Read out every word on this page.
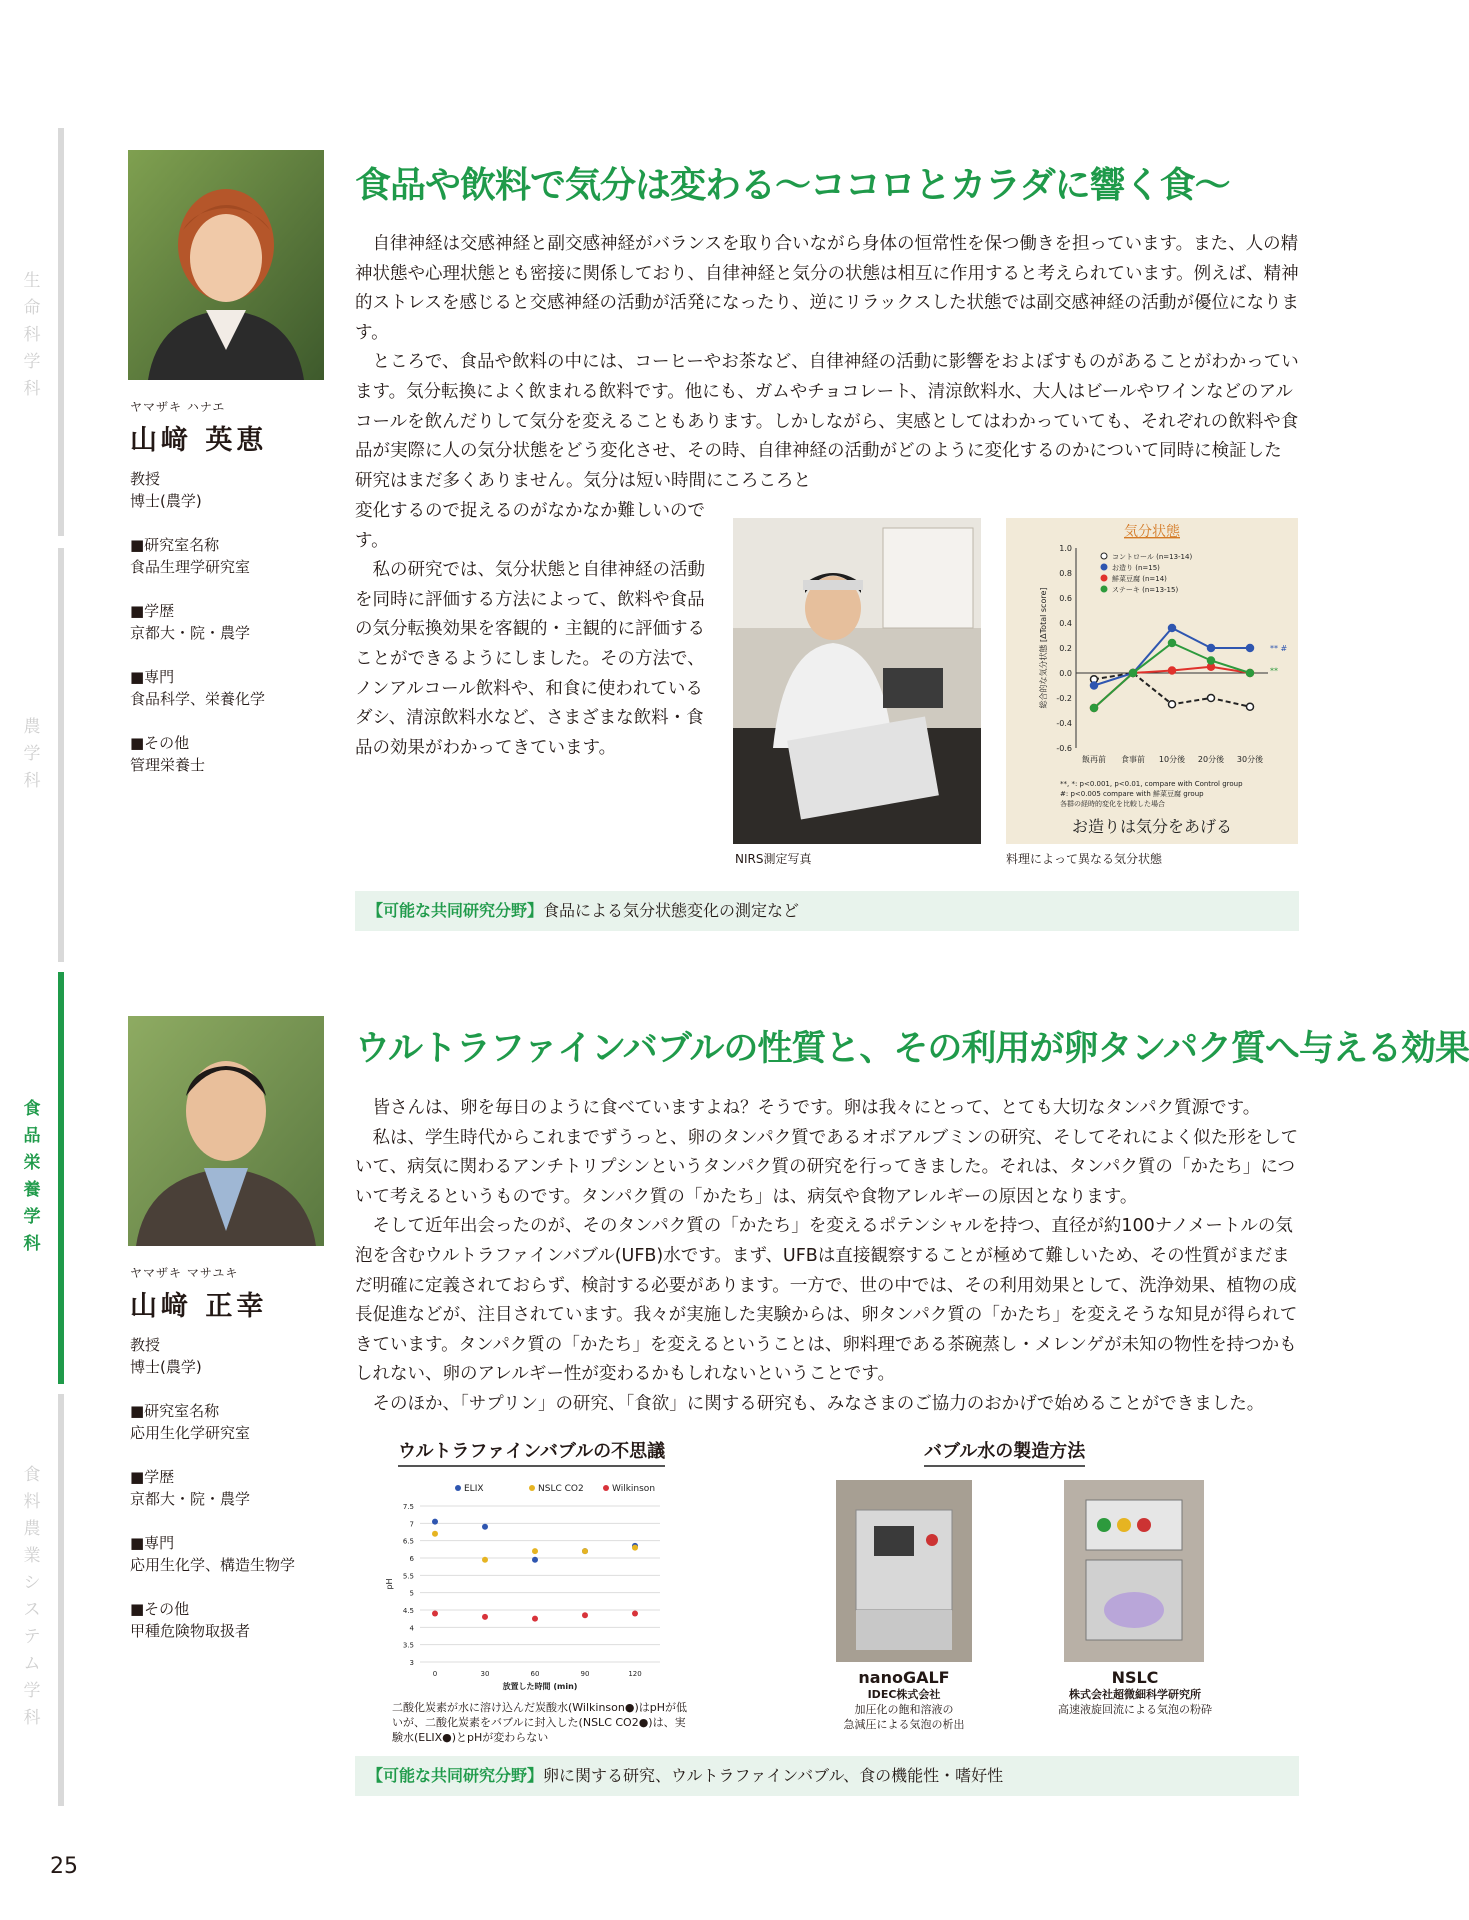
生命科学科
農学科
食品栄養学科
食料農業システム学科
25
ヤマザキ ハナエ
山﨑 英恵
教授
博士(農学)
■研究室名称
食品生理学研究室
■学歴
京都大・院・農学
■専門
食品科学、栄養化学
■その他
管理栄養士
食品や飲料で気分は変わる～ココロとカラダに響く食～

自律神経は交感神経と副交感神経がバランスを取り合いながら身体の恒常性を保つ働きを担っています。また、人の精神状態や心理状態とも密接に関係しており、自律神経と気分の状態は相互に作用すると考えられています。例えば、精神的ストレスを感じると交感神経の活動が活発になったり、逆にリラックスした状態では副交感神経の活動が優位になります。

ところで、食品や飲料の中には、コーヒーやお茶など、自律神経の活動に影響をおよぼすものがあることがわかっています。気分転換によく飲まれる飲料です。他にも、ガムやチョコレート、清涼飲料水、大人はビールやワインなどのアルコールを飲んだりして気分を変えることもあります。しかしながら、実感としてはわかっていても、それぞれの飲料や食品が実際に人の気分状態をどう変化させ、その時、自律神経の活動がどのように変化するのかについて同時に検証した研究はまだ多くありません。気分は短い時間にころころと

変化するので捉えるのがなかなか難しいのです。

私の研究では、気分状態と自律神経の活動を同時に評価する方法によって、飲料や食品の気分転換効果を客観的・主観的に評価することができるようにしました。その方法で、ノンアルコール飲料や、和食に使われているダシ、清涼飲料水など、さまざまな飲料・食品の効果がわかってきています。

NIRS測定写真
気分状態
1.0
0.8
0.6
0.4
0.2
0.0
-0.2
-0.4
-0.6
総合的な気分状態 [ΔTotal score]
飯再前 食事前 10分後 20分後 30分後
コントロール (n=13-14)
お造り (n=15)
鮮菜豆腐 (n=14)
ステーキ (n=13-15)
** #
**
**, *: p<0.001, p<0.01, compare with Control group
#: p<0.005 compare with 鮮菜豆腐 group
各群の経時的変化を比較した場合
お造りは気分をあげる
料理によって異なる気分状態
【可能な共同研究分野】食品による気分状態変化の測定など
ヤマザキ マサユキ
山﨑 正幸
教授
博士(農学)
■研究室名称
応用生化学研究室
■学歴
京都大・院・農学
■専門
応用生化学、構造生物学
■その他
甲種危険物取扱者
ウルトラファインバブルの性質と、その利用が卵タンパク質へ与える効果

皆さんは、卵を毎日のように食べていますよね？そうです。卵は我々にとって、とても大切なタンパク質源です。

私は、学生時代からこれまでずうっと、卵のタンパク質であるオボアルブミンの研究、そしてそれによく似た形をしていて、病気に関わるアンチトリプシンというタンパク質の研究を行ってきました。それは、タンパク質の「かたち」について考えるというものです。タンパク質の「かたち」は、病気や食物アレルギーの原因となります。

そして近年出会ったのが、そのタンパク質の「かたち」を変えるポテンシャルを持つ、直径が約100ナノメートルの気泡を含むウルトラファインバブル(UFB)水です。まず、UFBは直接観察することが極めて難しいため、その性質がまだまだ明確に定義されておらず、検討する必要があります。一方で、世の中では、その利用効果として、洗浄効果、植物の成長促進などが、注目されています。我々が実施した実験からは、卵タンパク質の「かたち」を変えそうな知見が得られてきています。タンパク質の「かたち」を変えるということは、卵料理である茶碗蒸し・メレンゲが未知の物性を持つかもしれない、卵のアレルギー性が変わるかもしれないということです。

そのほか、「サプリン」の研究、「食欲」に関する研究も、みなさまのご協力のおかげで始めることができました。

ウルトラファインバブルの不思議
ELIX	NSLC CO2	Wilkinson
7.5
7
6.5
6
5.5
5
4.5
4
3.5
3
pH
0	30	60	90	120
放置した時間 (min)
二酸化炭素が水に溶け込んだ炭酸水(Wilkinson●)はpHが低いが、二酸化炭素をバブルに封入した(NSLC CO2●)は、実験水(ELIX●)とpHが変わらない
バブル水の製造方法
nanoGALF
IDEC株式会社
加圧化の飽和溶液の
急減圧による気泡の析出
NSLC
株式会社超微細科学研究所
高速液旋回流による気泡の粉砕
【可能な共同研究分野】卵に関する研究、ウルトラファインバブル、食の機能性・嗜好性
